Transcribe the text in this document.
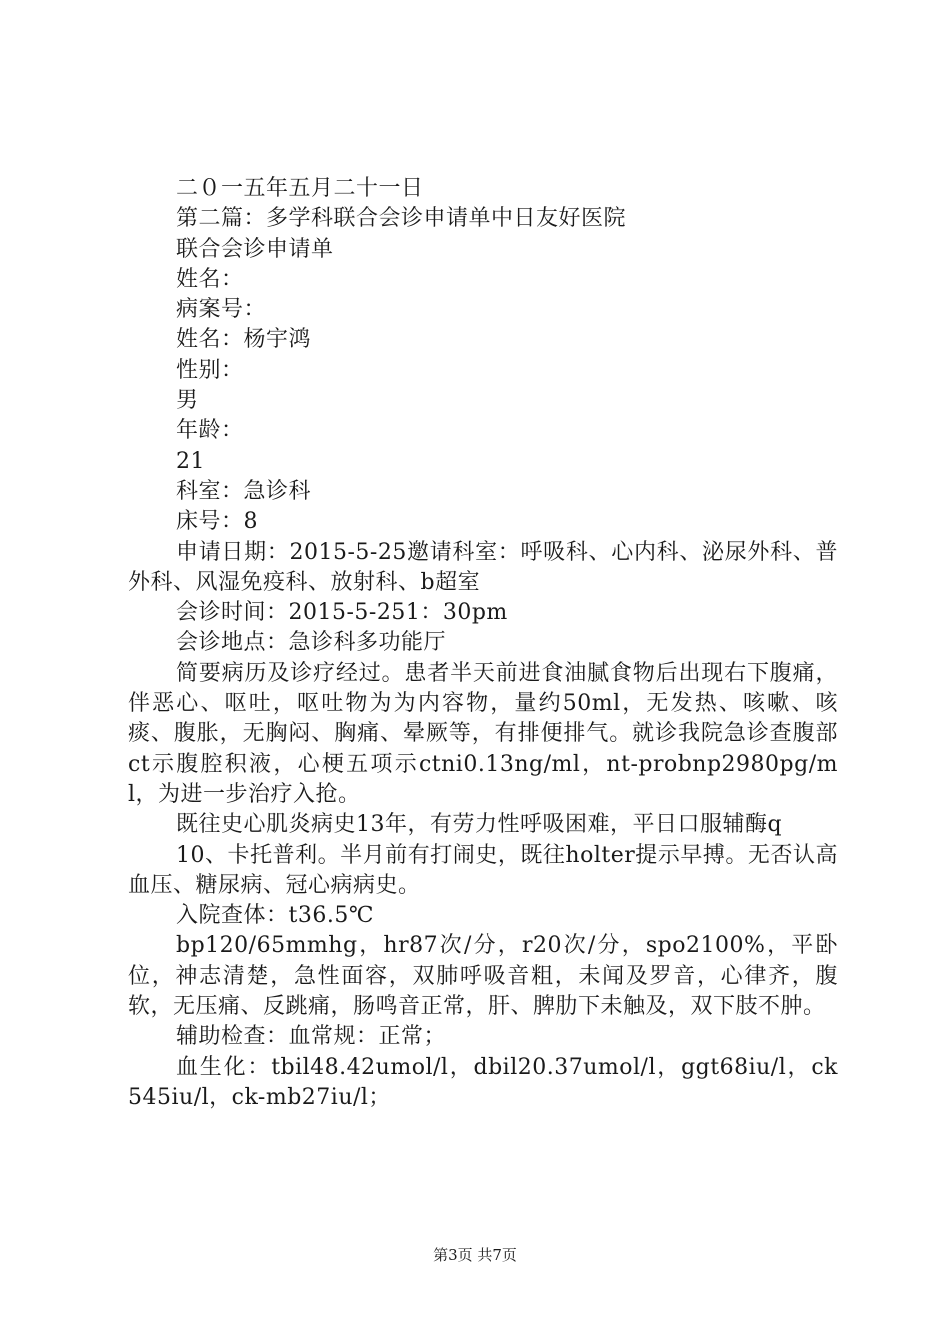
二０一五年五月二十一日
第二篇：多学科联合会诊申请单中日友好医院
联合会诊申请单
姓名：
病案号：
姓名：杨宇鸿
性别：
男
年龄：
21
科室：急诊科
床号：8
申请日期：2015-5-25邀请科室：呼吸科、心内科、泌尿外科、普外科、风湿免疫科、放射科、b超室
会诊时间：2015-5-251：30pm
会诊地点：急诊科多功能厅
简要病历及诊疗经过。患者半天前进食油腻食物后出现右下腹痛，伴恶心、呕吐，呕吐物为为内容物，量约50ml，无发热、咳嗽、咳痰、腹胀，无胸闷、胸痛、晕厥等，有排便排气。就诊我院急诊查腹部ct示腹腔积液，心梗五项示ctni0.13ng/ml，nt-probnp2980pg/ml，为进一步治疗入抢。
既往史心肌炎病史13年，有劳力性呼吸困难，平日口服辅酶q
10、卡托普利。半月前有打闹史，既往holter提示早搏。无否认高血压、糖尿病、冠心病病史。
入院查体：t36.5℃
bp120/65mmhg，hr87次/分，r20次/分，spo2100%，平卧位，神志清楚，急性面容，双肺呼吸音粗，未闻及罗音，心律齐，腹软，无压痛、反跳痛，肠鸣音正常，肝、脾肋下未触及，双下肢不肿。
辅助检查：血常规：正常；
血生化：tbil48.42umol/l，dbil20.37umol/l，ggt68iu/l，ck545iu/l，ck-mb27iu/l；
第3页 共7页
